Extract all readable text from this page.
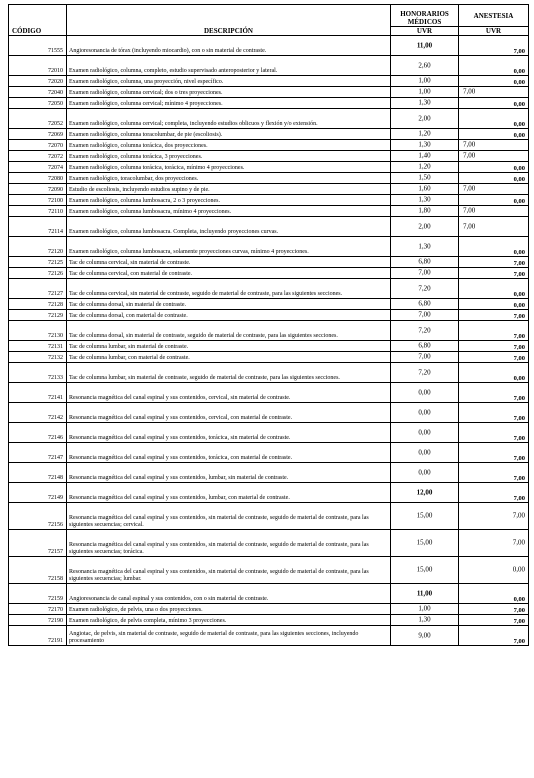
CÓDIGO	DESCRIPCIÓN	HONORARIOS MÉDICOS	ANESTESIA
		UVR	UVR
71555	Angioresonancia de tórax (incluyendo miocardio), con o sin material de contraste.	11,00	7,00

72010	Examen radiológico, columna, completo, estudio supervisado anteroposterior y lateral.	2,60	0,00

72020	Examen radiológico, columna, una proyección, nivel específico.	1,00	0,00

72040	Examen radiológico, columna cervical; dos o tres proyecciones.	1,00	7,00

72050	Examen radiológico, columna cervical; mínimo 4 proyecciones.	1,30	0,00

72052	Examen radiológico, columna cervical; completa, incluyendo estudios oblicuos y flexión y/o extensión.	2,00	0,00

72069	Examen radiológico, columna toracolumbar, de pie (escoliosis).	1,20	0,00

72070	Examen radiológico, columna torácica, dos proyecciones.	1,30	7,00

72072	Examen radiológico, columna torácica, 3 proyecciones.	1,40	7,00

72074	Examen radiológico, columna torácica, torácica, mínimo 4 proyecciones.	1,20	0,00

72080	Examen radiológico, toracolumbar, dos proyecciones.	1,50	0,00

72090	Estudio de escoliosis, incluyendo estudios supino y de pie.	1,60	7,00

72100	Examen radiológico, columna lumbosacra, 2 o 3 proyecciones.	1,30	0,00

72110	Examen radiológico, columna lumbosacra, mínimo 4 proyecciones.	1,80	7,00

72114	Examen radiológico, columna lumbosacra. Completa, incluyendo proyecciones curvas.	2,00	7,00

72120	Examen radiológico, columna lumbosacra, solamente proyecciones curvas, mínimo 4 proyecciones.	1,30	0,00

72125	Tac de columna cervical, sin material de contraste.	6,80	7,00

72126	Tac de columna cervical, con material de contraste.	7,00	7,00

72127	Tac de columna cervical, sin material de contraste, seguido de material de contraste, para las siguientes secciones.	7,20	0,00

72128	Tac de columna dorsal, sin material de contraste.	6,80	0,00

72129	Tac de columna dorsal, con material de contraste.	7,00	7,00

72130	Tac de columna dorsal, sin material de contraste, seguido de material de contraste, para las siguientes secciones.	7,20	7,00

72131	Tac de columna lumbar, sin material de contraste.	6,80	7,00

72132	Tac de columna lumbar, con material de contraste.	7,00	7,00

72133	Tac de columna lumbar, sin material de contraste, seguido de material de contraste, para las siguientes secciones.	7,20	0,00

72141	Resonancia magnética del canal espinal y sus contenidos, cervical, sin material de contraste.	0,00	7,00

72142	Resonancia magnética del canal espinal y sus contenidos, cervical, con material de contraste.	0,00	7,00

72146	Resonancia magnética del canal espinal y sus contenidos, torácica, sin material de contraste.	0,00	7,00

72147	Resonancia magnética del canal espinal y sus contenidos, torácica, con material de contraste.	0,00	7,00

72148	Resonancia magnética del canal espinal y sus contenidos, lumbar, sin material de contraste.	0,00	7,00

72149	Resonancia magnética del canal espinal y sus contenidos, lumbar, con material de contraste.	12,00	7,00

72156	Resonancia magnética del canal espinal y sus contenidos, sin material de contraste, seguido de material de contraste, para las siguientes secuencias; cervical.	15,00	7,00

72157	Resonancia magnética del canal espinal y sus contenidos, sin material de contraste, seguido de material de contraste, para las siguientes secuencias; torácica.	15,00	7,00

72158	Resonancia magnética del canal espinal y sus contenidos, sin material de contraste, seguido de material de contraste, para las siguientes secuencias; lumbar.	15,00	0,00

72159	Angioresonancia de canal espinal y sus contenidos, con o sin material de contraste.	11,00	0,00

72170	Examen radiológico, de pelvis, una o dos proyecciones.	1,00	7,00

72190	Examen radiológico, de pelvis completa, mínimo 3 proyecciones.	1,30	7,00

72191	Angiotac, de pelvis, sin material de contraste, seguido de material de contraste, para las siguientes secciones, incluyendo procesamiento	9,00	7,00
